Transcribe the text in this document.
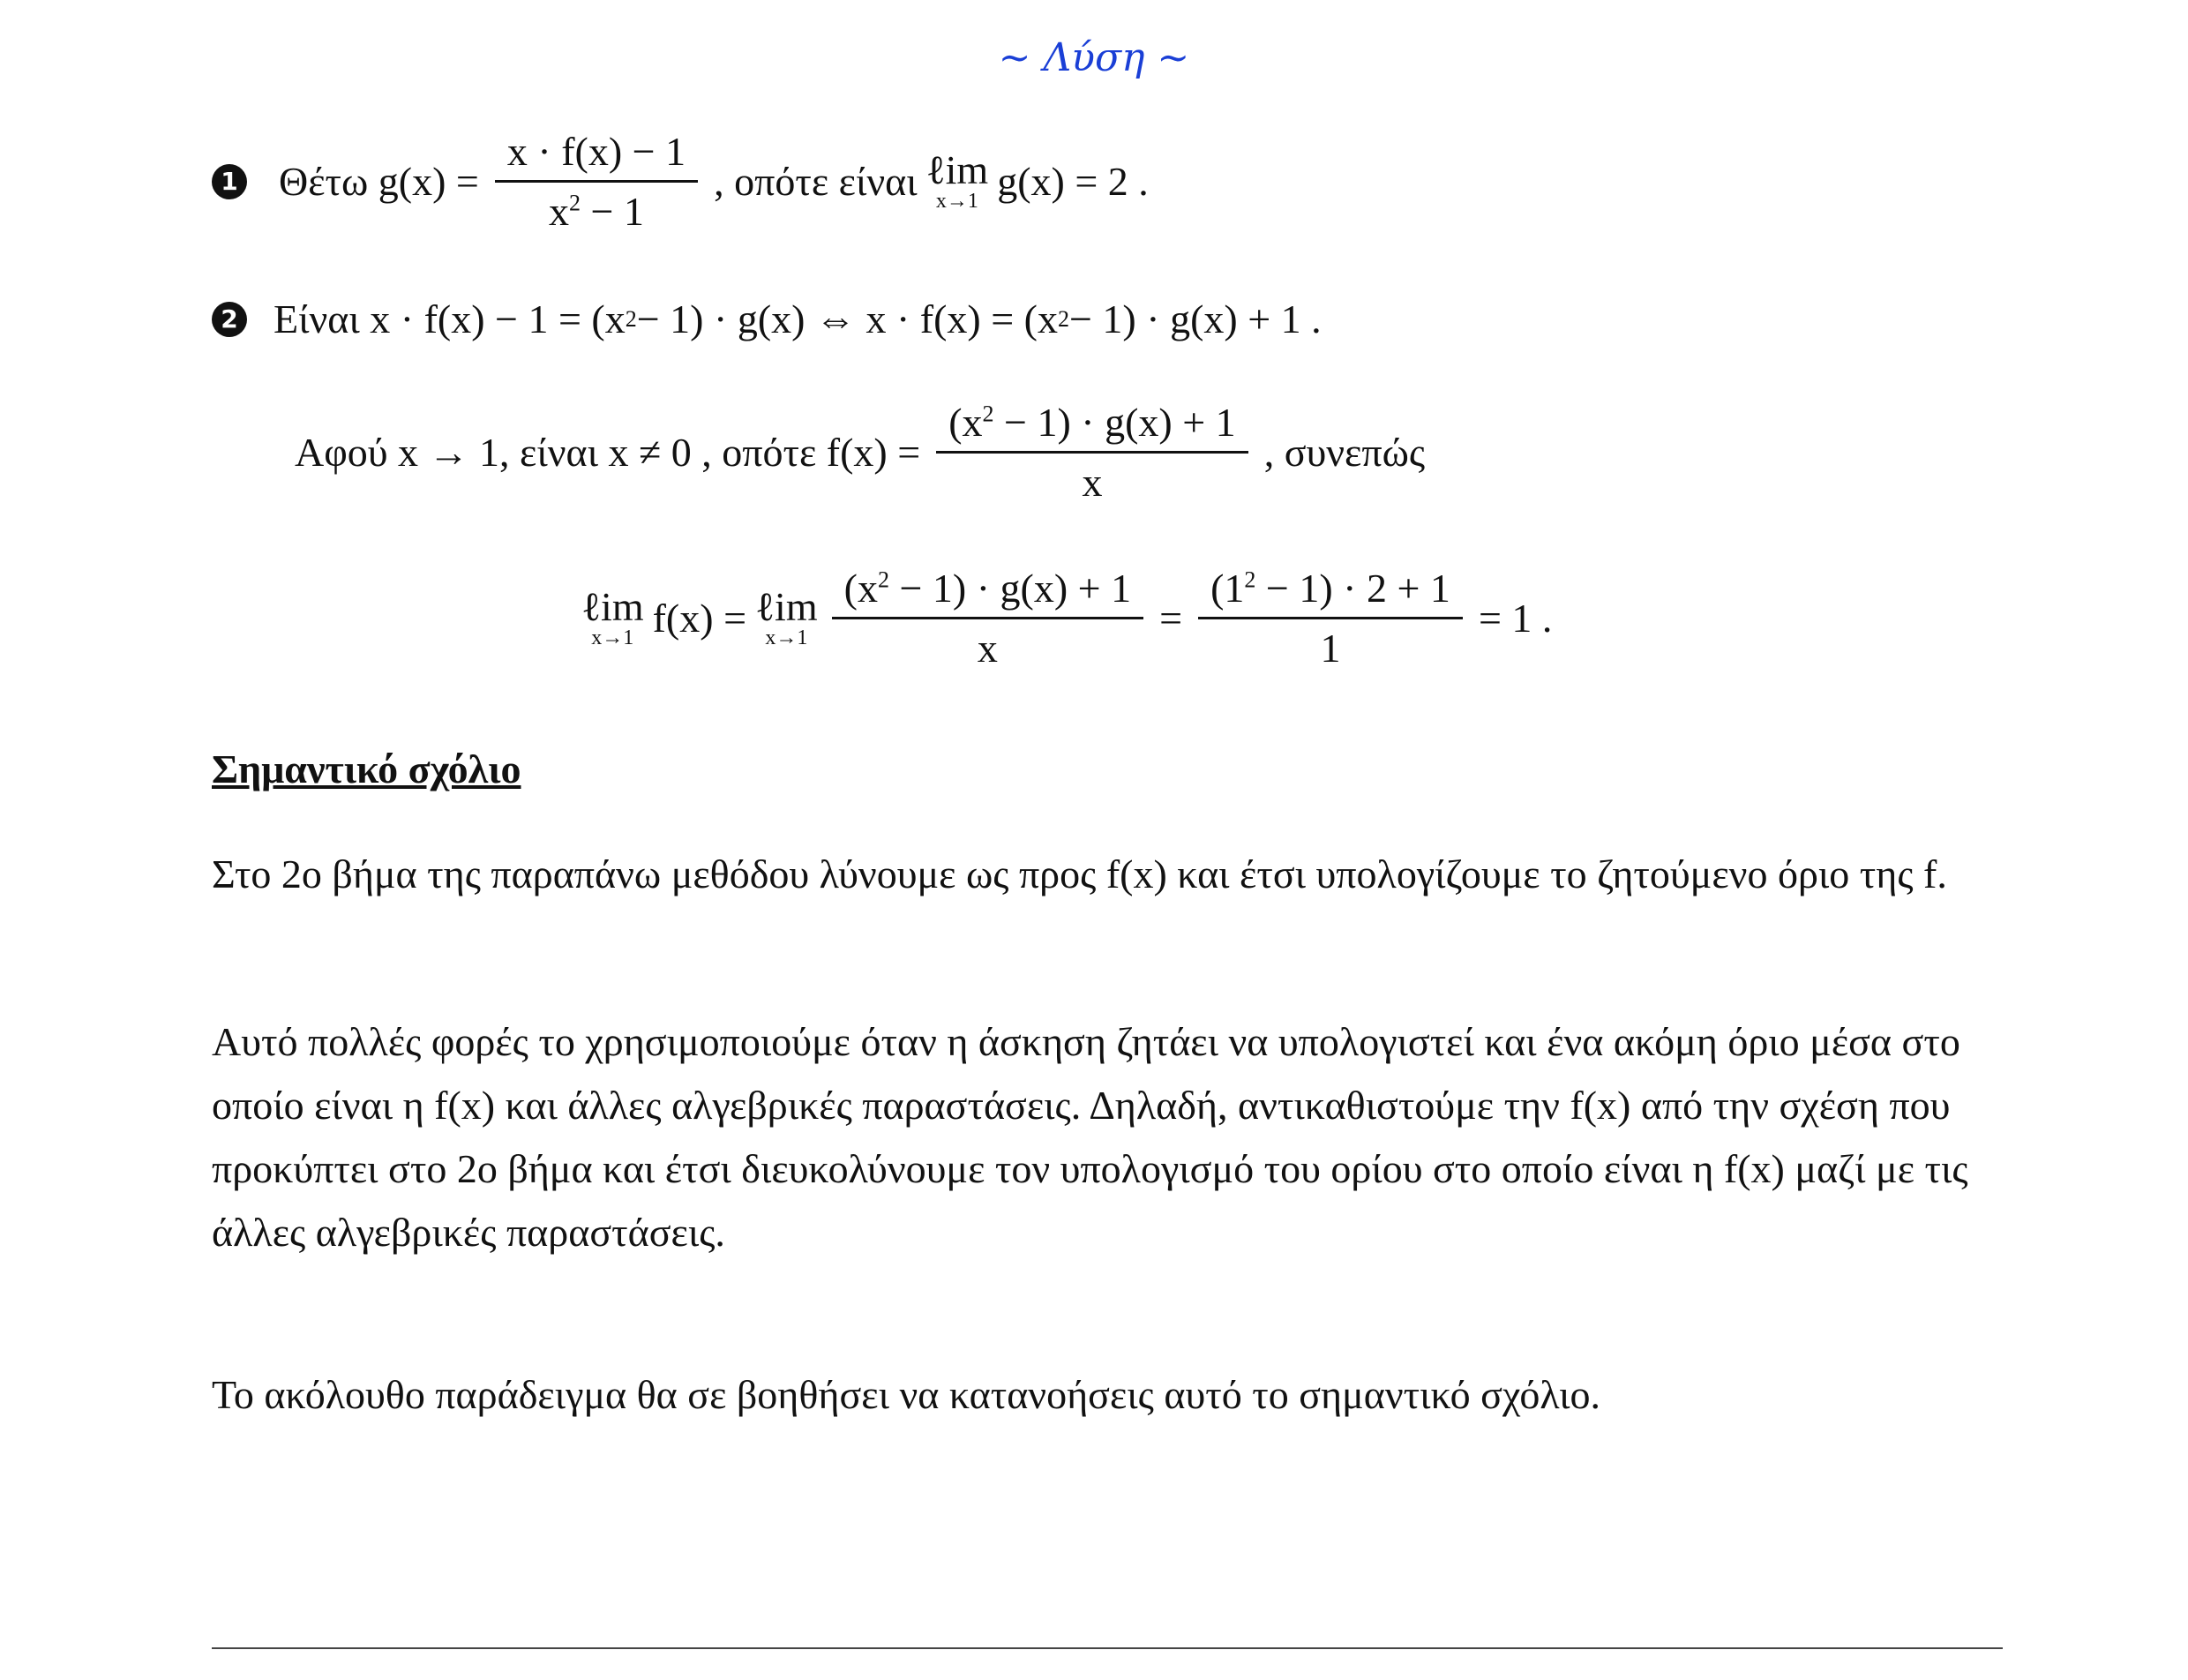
~ Λύση ~
1 Θέτω $g(x) = \frac{x \cdot f(x) - 1}{x^2 - 1}$ , οπότε είναι ℓim
x→1 g(x) = 2 .
2 Είναι x · f(x) − 1 = (x 2 − 1) · g(x) ⇔ x · f(x) = (x 2 − 1) · g(x) + 1 .
Αφού x → 1, είναι x ≠ 0 , οπότε $f(x) = \frac{(x^2 - 1) \cdot g(x) + 1}{x}$ , συνεπώς
ℓim
x→1 f(x) = ℓim
$x\to 1 \frac{(x^2 - 1) \cdot g(x) + 1}{x} = \frac{(1^2 - 1) \cdot 2 + 1}{1} = 1$ .
Σημαντικό σχόλιο
Στο 2ο βήμα της παραπάνω μεθόδου λύνουμε ως προς f(x) και έτσι υπολογίζουμε το ζητούμενο όριο της f.
Αυτό πολλές φορές το χρησιμοποιούμε όταν η άσκηση ζητάει να υπολογιστεί και ένα ακόμη όριο μέσα στο οποίο είναι η f(x) και άλλες αλγεβρικές παραστάσεις. Δηλαδή, αντικαθιστούμε την f(x) από την σχέση που προκύπτει στο 2ο βήμα και έτσι διευκολύνουμε τον υπολογισμό του ορίου στο οποίο είναι η f(x) μαζί με τις άλλες αλγεβρικές παραστάσεις.
Το ακόλουθο παράδειγμα θα σε βοηθήσει να κατανοήσεις αυτό το σημαντικό σχόλιο.
